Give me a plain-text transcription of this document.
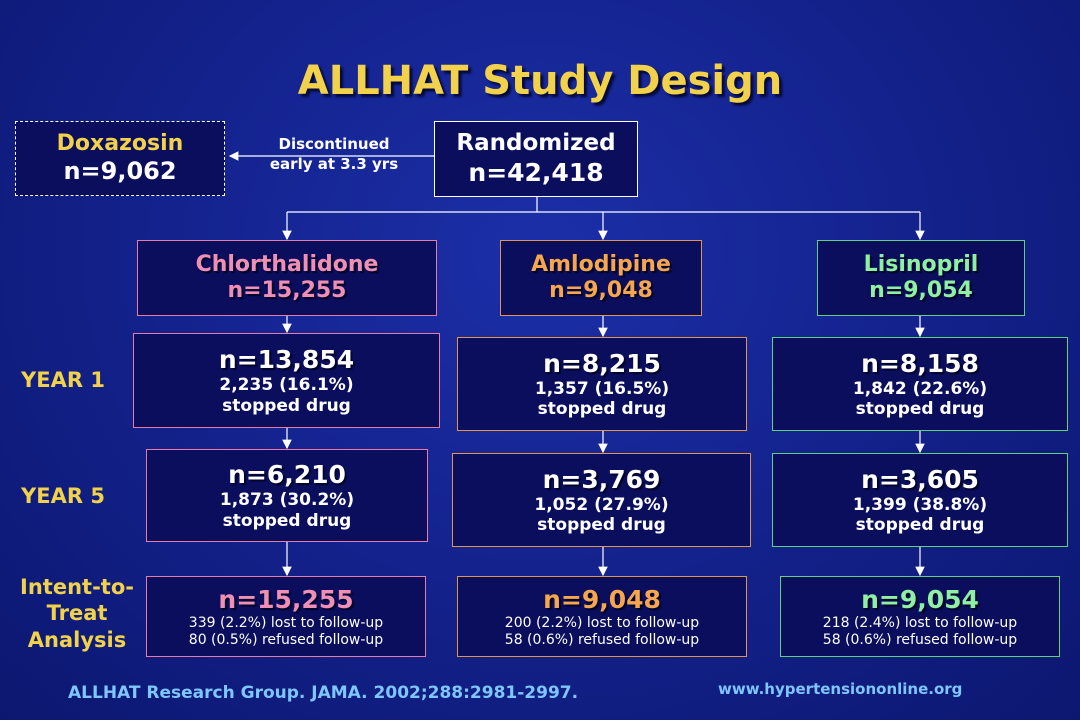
ALLHAT Study Design
Randomized
n=42,418
Doxazosin
n=9,062
Discontinued
early at 3.3 yrs
Chlorthalidone
n=15,255
Amlodipine
n=9,048
Lisinopril
n=9,054
YEAR 1
YEAR 5
Intent-to-
Treat
Analysis
n=13,854
2,235 (16.1%)
stopped drug
n=8,215
1,357 (16.5%)
stopped drug
n=8,158
1,842 (22.6%)
stopped drug
n=6,210
1,873 (30.2%)
stopped drug
n=3,769
1,052 (27.9%)
stopped drug
n=3,605
1,399 (38.8%)
stopped drug
n=15,255
339 (2.2%) lost to follow-up
80 (0.5%) refused follow-up
n=9,048
200 (2.2%) lost to follow-up
58 (0.6%) refused follow-up
n=9,054
218 (2.4%) lost to follow-up
58 (0.6%) refused follow-up
ALLHAT Research Group. JAMA. 2002;288:2981-2997.	www.hypertensiononline.org
